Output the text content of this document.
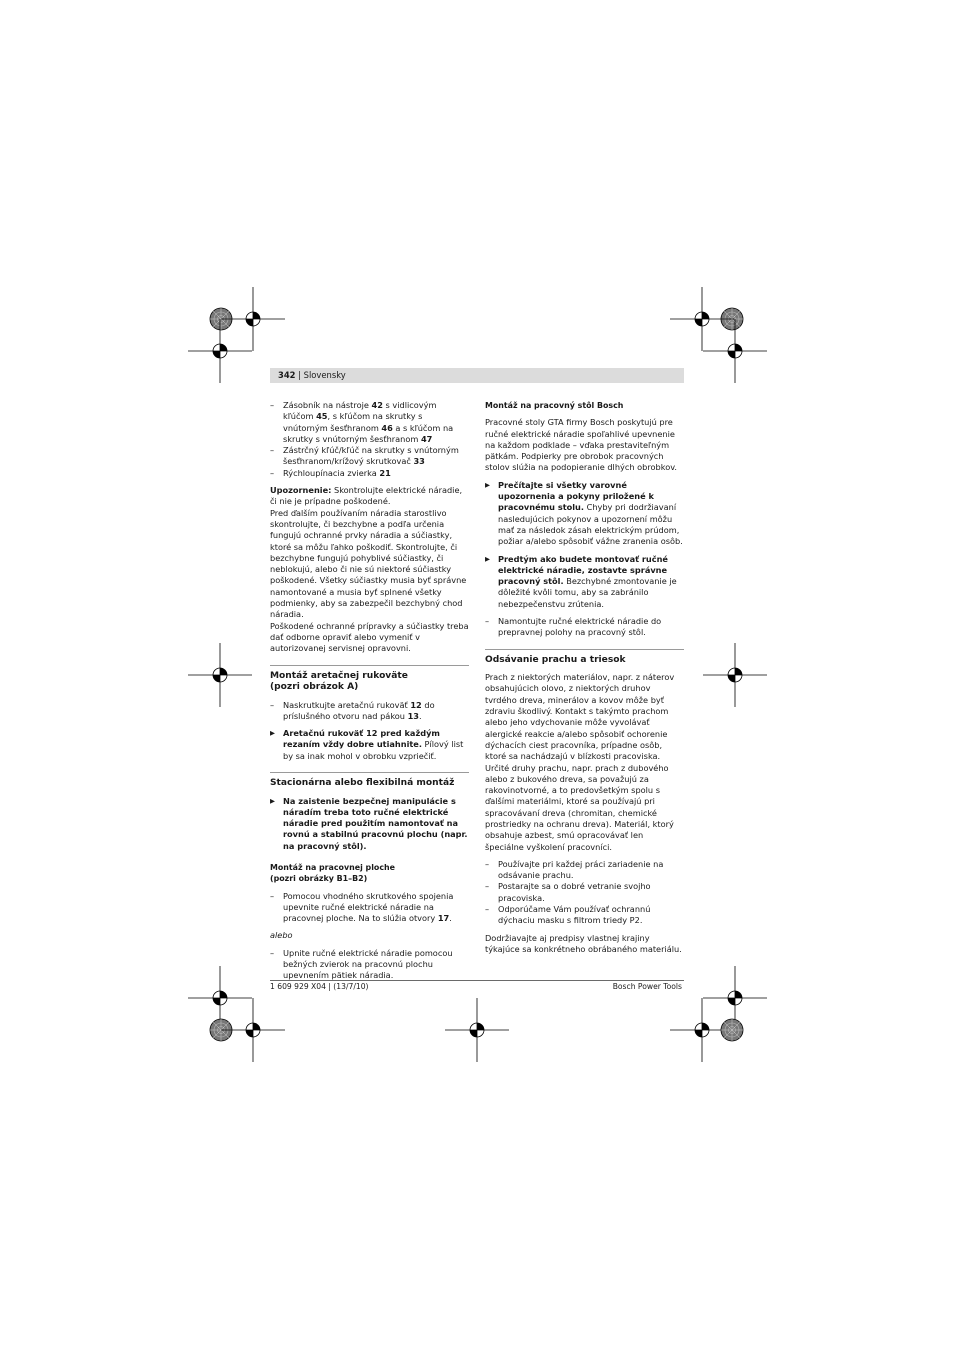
342 | Slovensky

– Zásobník na nástroje 42 s vidlicovým kľúčom 45, s kľúčom na skrutky s vnútorným šesťhranom 46 a s kľúčom na skrutky s vnútorným šesťhranom 47

– Zástrčný kľúč/kľúč na skrutky s vnútorným šesťhranom/krížový skrutkovač 33

– Rýchloupínacia zvierka 21

Upozornenie: Skontrolujte elektrické náradie, či nie je prípadne poškodené.

Pred ďalším používaním náradia starostlivo skontrolujte, či bezchybne a podľa určenia fungujú ochranné prvky náradia a súčiastky, ktoré sa môžu ľahko poškodiť. Skontrolujte, či bezchybne fungujú pohyblivé súčiastky, či neblokujú, alebo či nie sú niektoré súčiastky poškodené. Všetky súčiastky musia byť správne namontované a musia byť splnené všetky podmienky, aby sa zabezpečil bezchybný chod náradia.

Poškodené ochranné prípravky a súčiastky treba dať odborne opraviť alebo vymeniť v autorizovanej servisnej opravovni.

Montáž aretačnej rukoväte
(pozri obrázok A)

– Naskrutkujte aretačnú rukoväť 12 do príslušného otvoru nad pákou 13.

▶ Aretačnú rukoväť 12 pred každým rezaním vždy dobre utiahnite. Pílový list by sa inak mohol v obrobku vzpriečiť.

Stacionárna alebo flexibilná montáž

▶ Na zaistenie bezpečnej manipulácie s náradím treba toto ručné elektrické náradie pred použitím namontovať na rovnú a stabilnú pracovnú plochu (napr. na pracovný stôl).

Montáž na pracovnej ploche
(pozri obrázky B1–B2)

– Pomocou vhodného skrutkového spojenia upevnite ručné elektrické náradie na pracovnej ploche. Na to slúžia otvory 17.

alebo

– Upnite ručné elektrické náradie pomocou bežných zvierok na pracovnú plochu upevnením pätiek náradia.

Montáž na pracovný stôl Bosch

Pracovné stoly GTA firmy Bosch poskytujú pre ručné elektrické náradie spoľahlivé upevnenie na každom podklade – vďaka prestaviteľným pätkám. Podpierky pre obrobok pracovných stolov slúžia na podopieranie dlhých obrobkov.

▶ Prečítajte si všetky varovné upozornenia a pokyny priložené k pracovnému stolu. Chyby pri dodržiavaní nasledujúcich pokynov a upozornení môžu mať za následok zásah elektrickým prúdom, požiar a/alebo spôsobiť vážne zranenia osôb.

▶ Predtým ako budete montovať ručné elektrické náradie, zostavte správne pracovný stôl. Bezchybné zmontovanie je dôležité kvôli tomu, aby sa zabránilo nebezpečenstvu zrútenia.

– Namontujte ručné elektrické náradie do prepravnej polohy na pracovný stôl.

Odsávanie prachu a triesok

Prach z niektorých materiálov, napr. z náterov obsahujúcich olovo, z niektorých druhov tvrdého dreva, minerálov a kovov môže byť zdraviu škodlivý. Kontakt s takýmto prachom alebo jeho vdychovanie môže vyvolávať alergické reakcie a/alebo spôsobiť ochorenie dýchacích ciest pracovníka, prípadne osôb, ktoré sa nachádzajú v blízkosti pracoviska. Určité druhy prachu, napr. prach z dubového alebo z bukového dreva, sa považujú za rakovinotvorné, a to predovšetkým spolu s ďalšími materiálmi, ktoré sa používajú pri spracovávaní dreva (chromitan, chemické prostriedky na ochranu dreva). Materiál, ktorý obsahuje azbest, smú opracovávať len špeciálne vyškolení pracovníci.

– Používajte pri každej práci zariadenie na odsávanie prachu.

– Postarajte sa o dobré vetranie svojho pracoviska.

– Odporúčame Vám používať ochrannú dýchaciu masku s filtrom triedy P2.

Dodržiavajte aj predpisy vlastnej krajiny týkajúce sa konkrétneho obrábaného materiálu.

1 609 929 X04 | (13/7/10)	Bosch Power Tools
